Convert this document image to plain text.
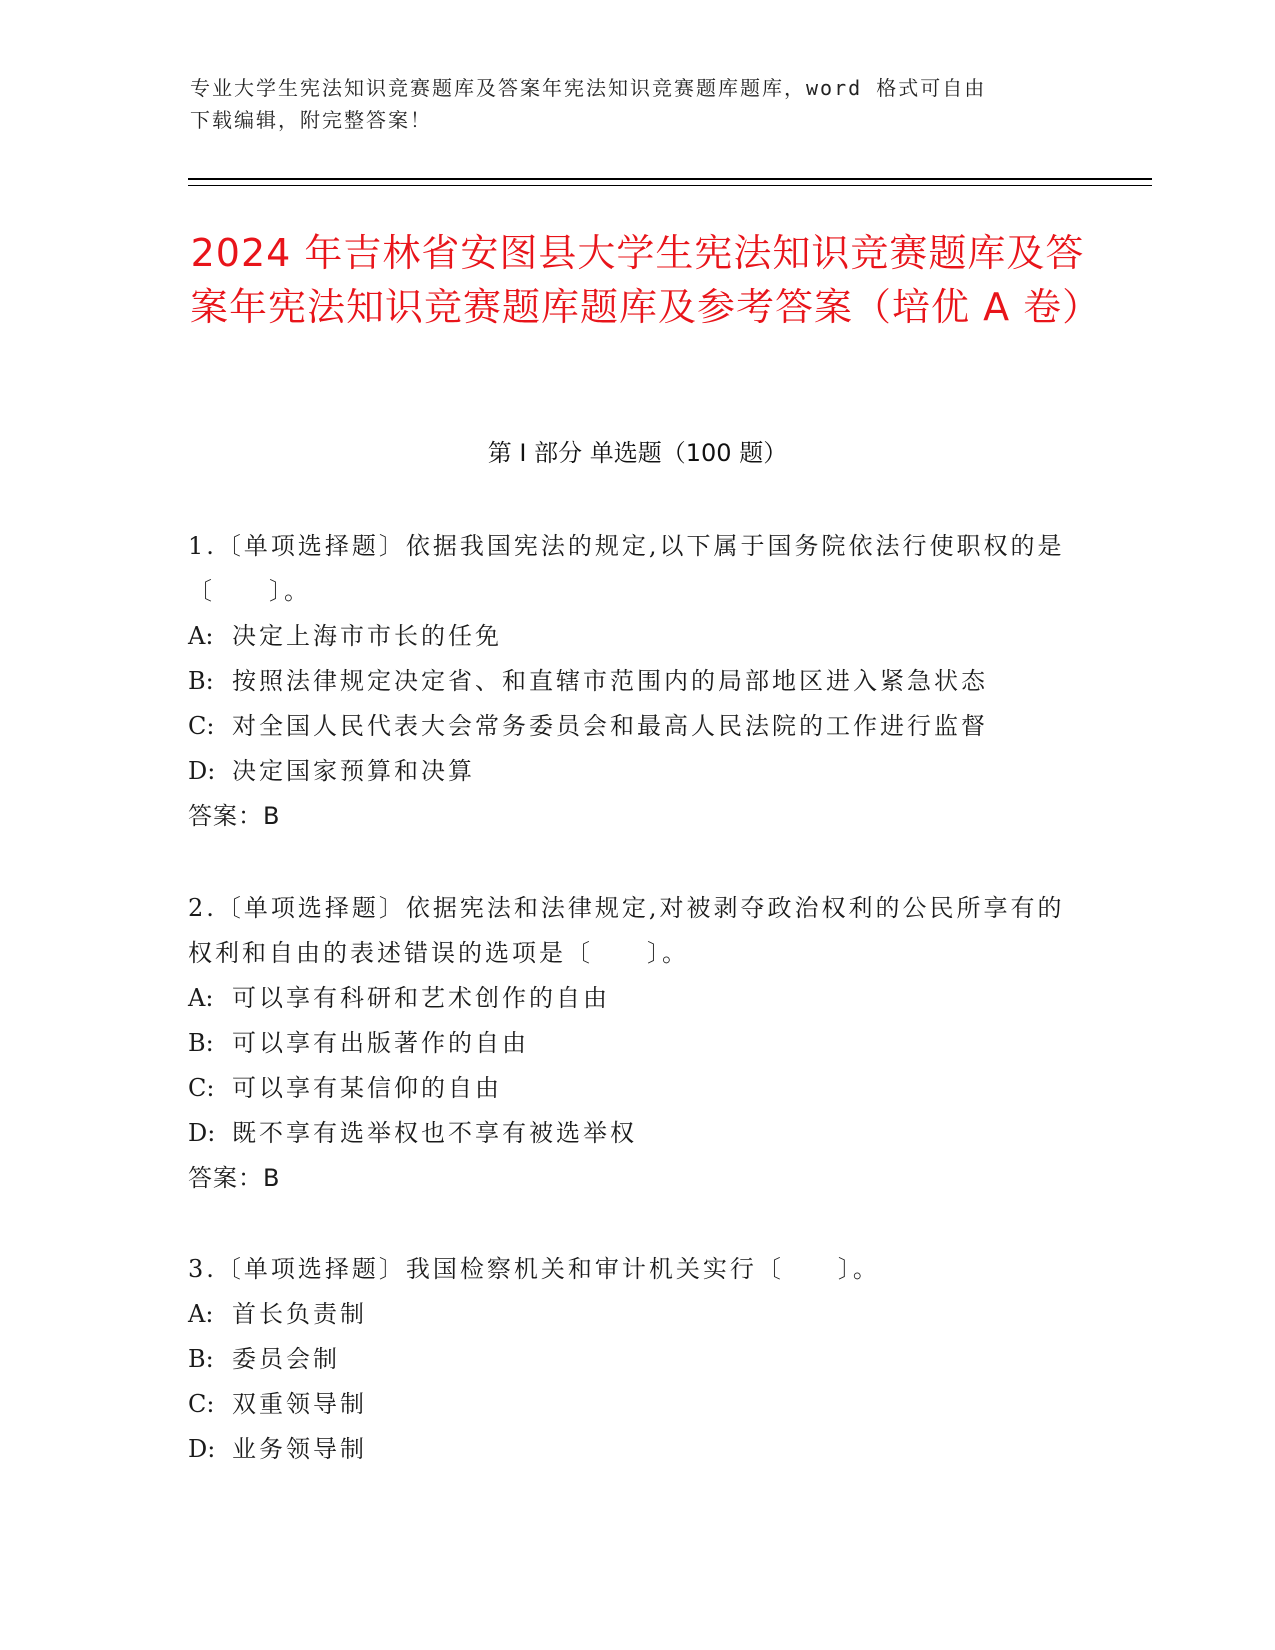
专业大学生宪法知识竞赛题库及答案年宪法知识竞赛题库题库，word 格式可自由
下载编辑，附完整答案！
2024 年吉林省安图县大学生宪法知识竞赛题库及答案年宪法知识竞赛题库题库及参考答案（培优 A 卷）
第 I 部分 单选题（100 题）
1.〔单项选择题〕依据我国宪法的规定,以下属于国务院依法行使职权的是〔　　〕。
A: 决定上海市市长的任免
B: 按照法律规定决定省、和直辖市范围内的局部地区进入紧急状态
C: 对全国人民代表大会常务委员会和最高人民法院的工作进行监督
D: 决定国家预算和决算
答案：B
2.〔单项选择题〕依据宪法和法律规定,对被剥夺政治权利的公民所享有的权利和自由的表述错误的选项是〔　　〕。
A: 可以享有科研和艺术创作的自由
B: 可以享有出版著作的自由
C: 可以享有某信仰的自由
D: 既不享有选举权也不享有被选举权
答案：B
3.〔单项选择题〕我国检察机关和审计机关实行〔　　〕。
A: 首长负责制
B: 委员会制
C: 双重领导制
D: 业务领导制
